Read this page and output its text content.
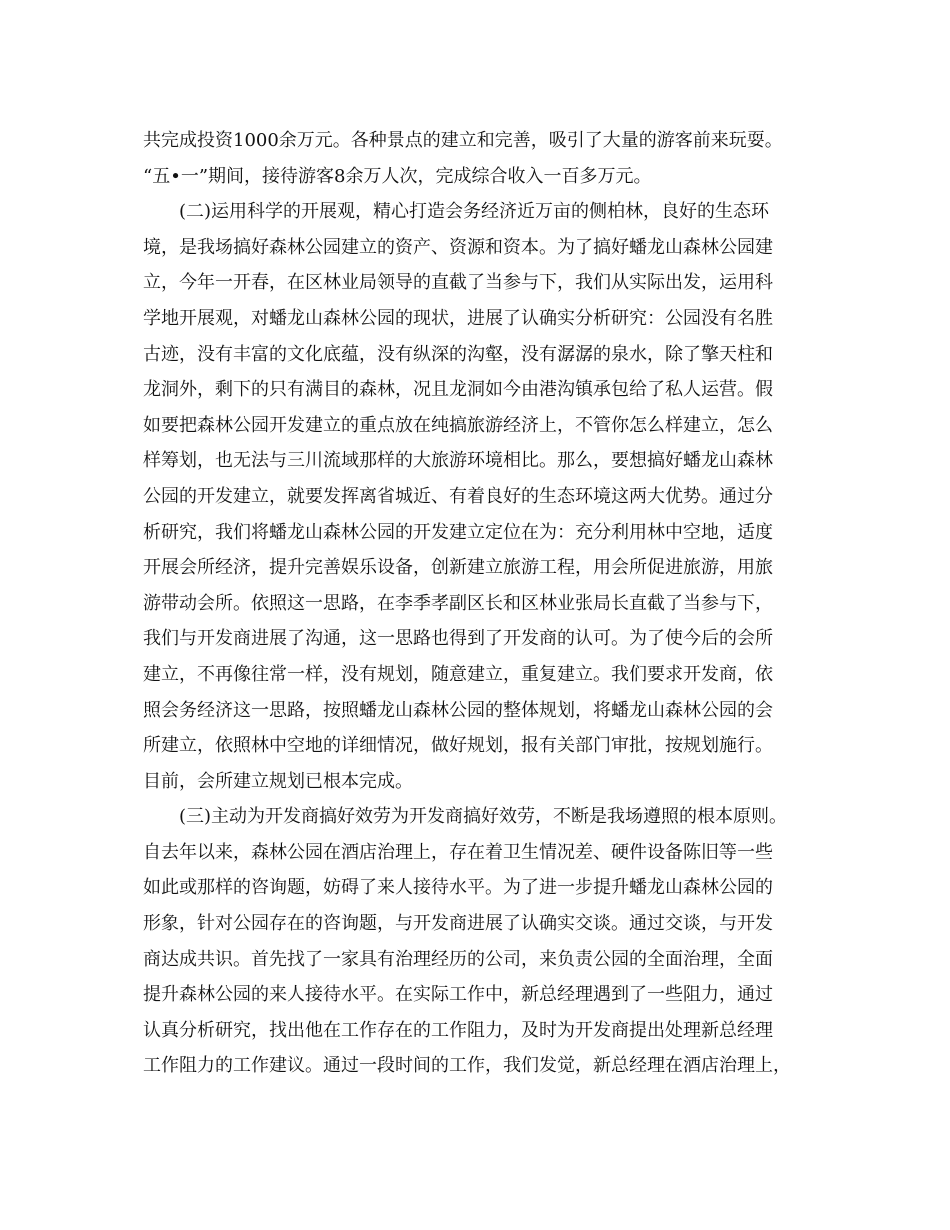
共完成投资1000余万元。各种景点的建立和完善，吸引了大量的游客前来玩耍。
“五•一”期间，接待游客8余万人次，完成综合收入一百多万元。
(二)运用科学的开展观，精心打造会务经济近万亩的侧柏林，良好的生态环
境，是我场搞好森林公园建立的资产、资源和资本。为了搞好蟠龙山森林公园建
立，今年一开春，在区林业局领导的直截了当参与下，我们从实际出发，运用科
学地开展观，对蟠龙山森林公园的现状，进展了认确实分析研究：公园没有名胜
古迹，没有丰富的文化底蕴，没有纵深的沟壑，没有潺潺的泉水，除了擎天柱和
龙洞外，剩下的只有满目的森林，况且龙洞如今由港沟镇承包给了私人运营。假
如要把森林公园开发建立的重点放在纯搞旅游经济上，不管你怎么样建立，怎么
样筹划，也无法与三川流域那样的大旅游环境相比。那么，要想搞好蟠龙山森林
公园的开发建立，就要发挥离省城近、有着良好的生态环境这两大优势。通过分
析研究，我们将蟠龙山森林公园的开发建立定位在为：充分利用林中空地，适度
开展会所经济，提升完善娱乐设备，创新建立旅游工程，用会所促进旅游，用旅
游带动会所。依照这一思路，在李季孝副区长和区林业张局长直截了当参与下，
我们与开发商进展了沟通，这一思路也得到了开发商的认可。为了使今后的会所
建立，不再像往常一样，没有规划，随意建立，重复建立。我们要求开发商，依
照会务经济这一思路，按照蟠龙山森林公园的整体规划，将蟠龙山森林公园的会
所建立，依照林中空地的详细情况，做好规划，报有关部门审批，按规划施行。
目前，会所建立规划已根本完成。
(三)主动为开发商搞好效劳为开发商搞好效劳，不断是我场遵照的根本原则。
自去年以来，森林公园在酒店治理上，存在着卫生情况差、硬件设备陈旧等一些
如此或那样的咨询题，妨碍了来人接待水平。为了进一步提升蟠龙山森林公园的
形象，针对公园存在的咨询题，与开发商进展了认确实交谈。通过交谈，与开发
商达成共识。首先找了一家具有治理经历的公司，来负责公园的全面治理，全面
提升森林公园的来人接待水平。在实际工作中，新总经理遇到了一些阻力，通过
认真分析研究，找出他在工作存在的工作阻力，及时为开发商提出处理新总经理
工作阻力的工作建议。通过一段时间的工作，我们发觉，新总经理在酒店治理上，
